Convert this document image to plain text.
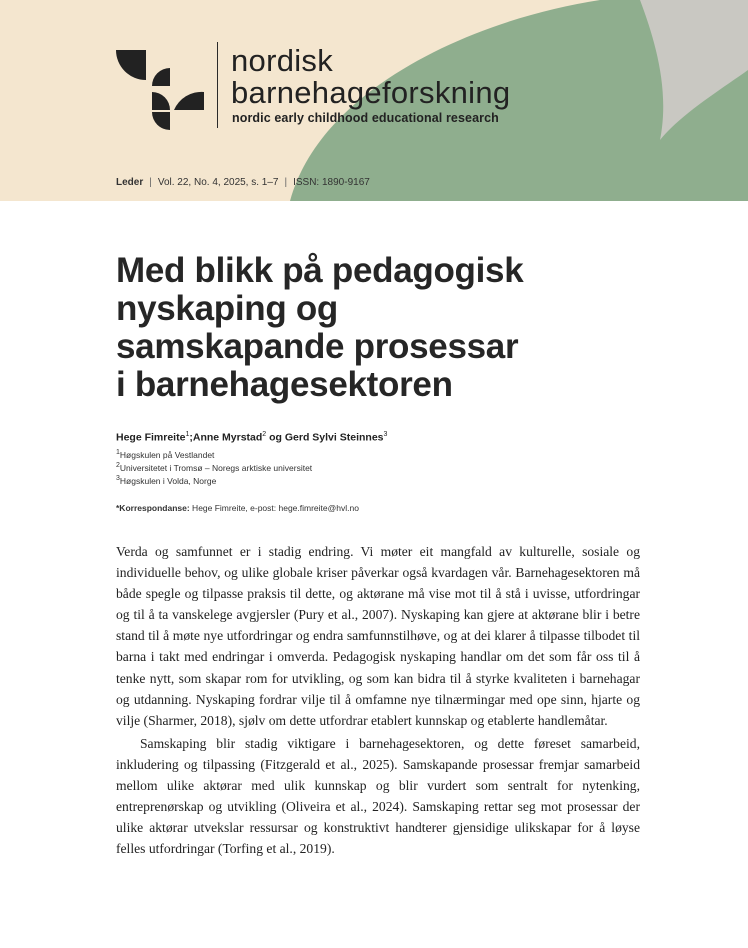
nordisk
barnehageforskning
nordic early childhood educational research
Leder | Vol. 22, No. 4, 2025, s. 1–7 | ISSN: 1890-9167
Med blikk på pedagogisk
nyskaping og
samskapande prosessar
i barnehagesektoren
Hege Fimreite$^1$;Anne Myrstad$^2$ og Gerd Sylvi Steinnes$^3$
$^1$Høgskulen på Vestlandet
$^2$Universitetet i Tromsø – Noregs arktiske universitet
$^3$Høgskulen i Volda, Norge
*Korrespondanse: Hege Fimreite, e-post: hege.fimreite@hvl.no

Verda og samfunnet er i stadig endring. Vi møter eit mangfald av kulturelle, sosiale og individuelle behov, og ulike globale kriser påverkar også kvardagen vår. Barnehagesektoren må både spegle og tilpasse praksis til dette, og aktørane må vise mot til å stå i uvisse, utfordringar og til å ta vanskelege avgjersler (Pury et al., 2007). Nyskaping kan gjere at aktørane blir i betre stand til å møte nye utfordringar og endra samfunnstilhøve, og at dei klarer å tilpasse tilbodet til barna i takt med endringar i omverda. Pedagogisk nyskaping handlar om det som får oss til å tenke nytt, som skapar rom for utvikling, og som kan bidra til å styrke kvaliteten i barnehagar og utdanning. Nyskaping fordrar vilje til å omfamne nye tilnærmingar med ope sinn, hjarte og vilje (Sharmer, 2018), sjølv om dette utfordrar etablert kunnskap og etablerte handlemåtar.

Samskaping blir stadig viktigare i barnehagesektoren, og dette føreset samarbeid, inkludering og tilpassing (Fitzgerald et al., 2025). Samskapande prosessar fremjar samarbeid mellom ulike aktørar med ulik kunnskap og blir vurdert som sentralt for nytenking, entreprenørskap og utvikling (Oliveira et al., 2024). Samskaping rettar seg mot prosessar der ulike aktørar utvekslar ressursar og konstruktivt handterer gjensidige ulikskapar for å løyse felles utfordringar (Torfing et al., 2019).
